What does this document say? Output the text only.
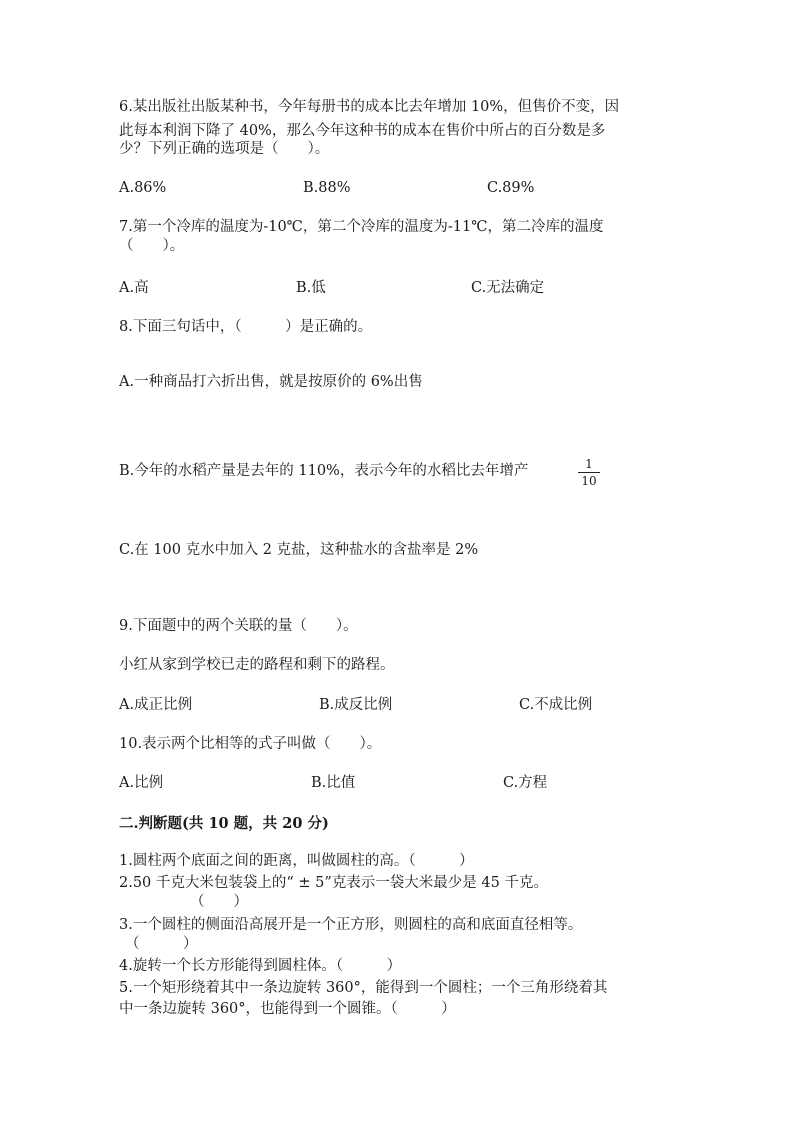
6.某出版社出版某种书，今年每册书的成本比去年增加 10%，但售价不变，因
此每本利润下降了 40%，那么今年这种书的成本在售价中所占的百分数是多
少？下列正确的选项是（　　）。
A.86%	B.88%	C.89%
7.第一个冷库的温度为-10℃，第二个冷库的温度为-11℃，第二冷库的温度
（　　）。
A.高	B.低	C.无法确定
8.下面三句话中，（　　　）是正确的。
A.一种商品打六折出售，就是按原价的 6%出售
B.今年的水稻产量是去年的 110%，表示今年的水稻比去年增产	1
10
C.在 100 克水中加入 2 克盐，这种盐水的含盐率是 2%
9.下面题中的两个关联的量（　　）。
小红从家到学校已走的路程和剩下的路程。
A.成正比例	B.成反比例	C.不成比例
10.表示两个比相等的式子叫做（　　）。
A.比例	B.比值	C.方程
二.判断题(共 10 题，共 20 分)
1.圆柱两个底面之间的距离，叫做圆柱的高。（　　　）
2.50 千克大米包装袋上的“ ± 5”克表示一袋大米最少是 45 千克。
（　　）
3.一个圆柱的侧面沿高展开是一个正方形，则圆柱的高和底面直径相等。
（　　　）
4.旋转一个长方形能得到圆柱体。（　　　）
5.一个矩形绕着其中一条边旋转 360°，能得到一个圆柱；一个三角形绕着其
中一条边旋转 360°，也能得到一个圆锥。（　　　）
